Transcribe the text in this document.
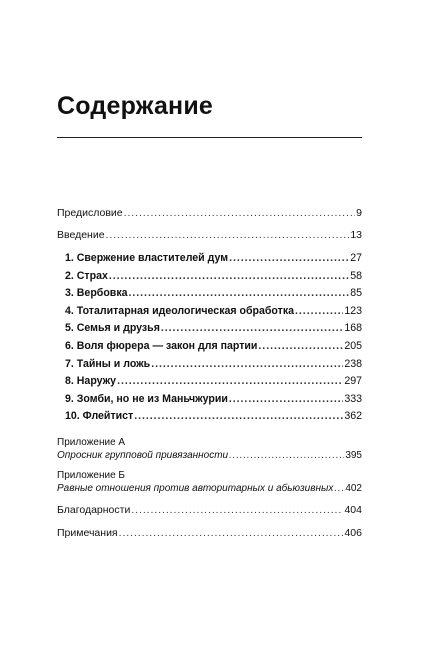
Содержание
Предисловие . . .	9
Введение . . .	13
1. Свержение властителей дум . . .	27
2. Страх . . .	58
3. Вербовка . . .	85
4. Тоталитарная идеологическая обработка . . .	123
5. Семья и друзья . . .	168
6. Воля фюрера — закон для партии . . .	205
7. Тайны и ложь . . .	238
8. Наружу . . .	297
9. Зомби, но не из Маньчжурии . . .	333
10. Флейтист . . .	362
Приложение А
Опросник групповой привязанности . . .	395
Приложение Б
Равные отношения против авторитарных и абьюзивных . . . 402
Благодарности . . .	404
Примечания . . .	406
